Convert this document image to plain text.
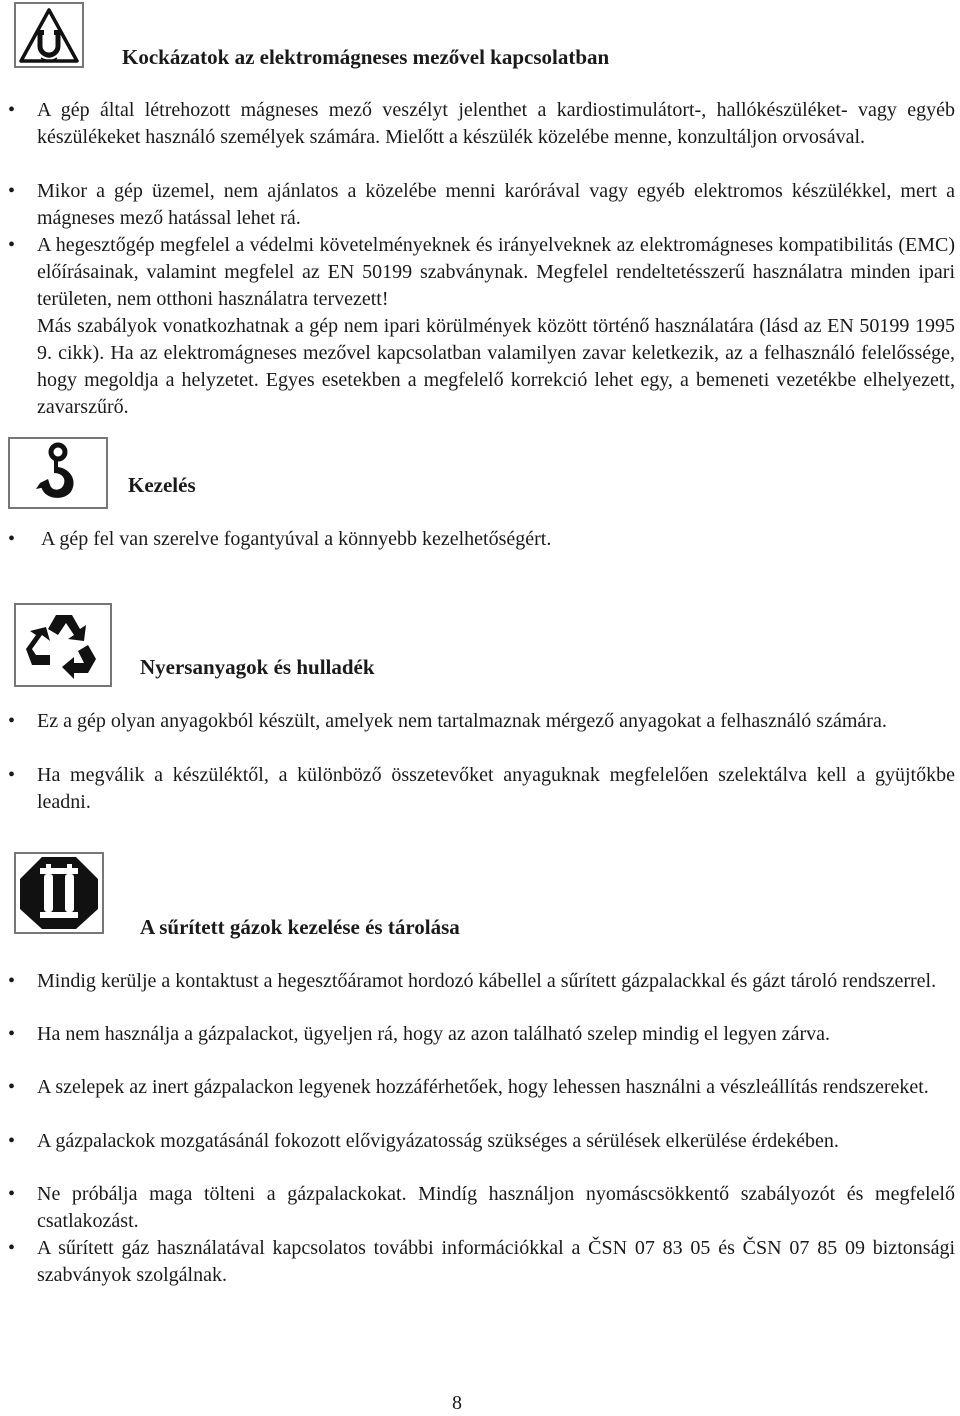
Kockázatok az elektromágneses mezővel kapcsolatban
• A gép által létrehozott mágneses mező veszélyt jelenthet a kardiostimulátort-, hallókészüléket- vagy egyéb készülékeket használó személyek számára. Mielőtt a készülék közelébe menne, konzultáljon orvosával.
• Mikor a gép üzemel, nem ajánlatos a közelébe menni karórával vagy egyéb elektromos készülékkel, mert a mágneses mező hatással lehet rá.
• A hegesztőgép megfelel a védelmi követelményeknek és irányelveknek az elektromágneses kompatibilitás (EMC) előírásainak, valamint megfelel az EN 50199 szabványnak. Megfelel rendeltetésszerű használatra minden ipari területen, nem otthoni használatra tervezett!
Más szabályok vonatkozhatnak a gép nem ipari körülmények között történő használatára (lásd az EN 50199 1995 9. cikk). Ha az elektromágneses mezővel kapcsolatban valamilyen zavar keletkezik, az a felhasználó felelőssége, hogy megoldja a helyzetet. Egyes esetekben a megfelelő korrekció lehet egy, a bemeneti vezetékbe elhelyezett, zavarszűrő.
Kezelés
• A gép fel van szerelve fogantyúval a könnyebb kezelhetőségért.
Nyersanyagok és hulladék
• Ez a gép olyan anyagokból készült, amelyek nem tartalmaznak mérgező anyagokat a felhasználó számára.
• Ha megválik a készüléktől, a különböző összetevőket anyaguknak megfelelően szelektálva kell a gyüjtőkbe leadni.
A sűrített gázok kezelése és tárolása
• Mindig kerülje a kontaktust a hegesztőáramot hordozó kábellel a sűrített gázpalackkal és gázt tároló rendszerrel.
• Ha nem használja a gázpalackot, ügyeljen rá, hogy az azon található szelep mindig el legyen zárva.
• A szelepek az inert gázpalackon legyenek hozzáférhetőek, hogy lehessen használni a vészleállítás rendszereket.
• A gázpalackok mozgatásánál fokozott elővigyázatosság szükséges a sérülések elkerülése érdekében.
• Ne próbálja maga tölteni a gázpalackokat. Mindíg használjon nyomáscsökkentő szabályozót és megfelelő csatlakozást.
• A sűrített gáz használatával kapcsolatos további információkkal a ČSN 07 83 05 és ČSN 07 85 09 biztonsági szabványok szolgálnak.
8
